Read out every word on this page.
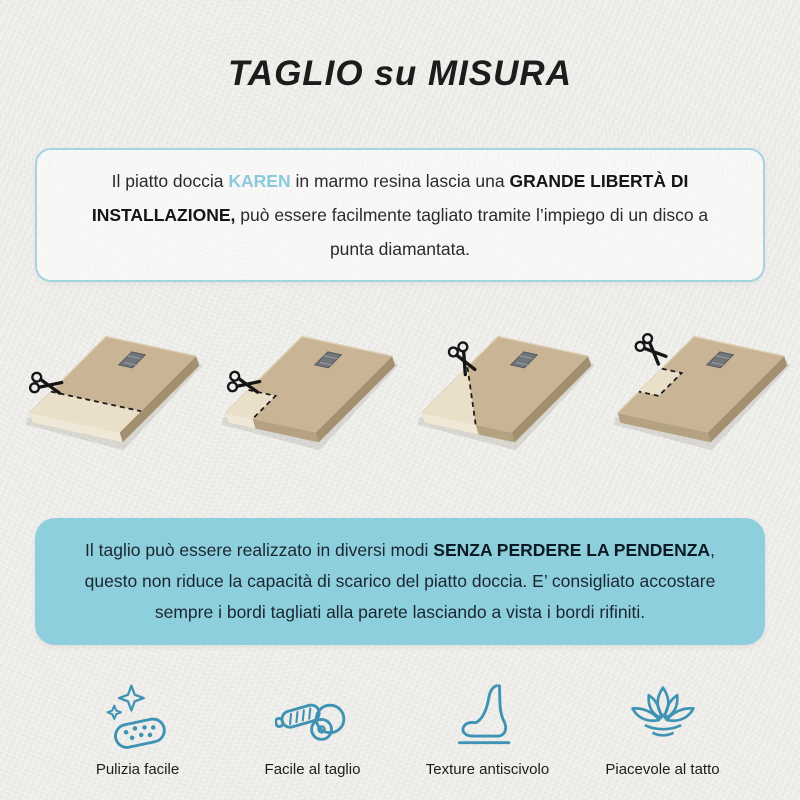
TAGLIO su MISURA

Il piatto doccia KAREN in marmo resina lascia una GRANDE LIBERTÀ DI INSTALLAZIONE, può essere facilmente tagliato tramite l’impiego di un disco a punta diamantata.

Il taglio può essere realizzato in diversi modi SENZA PERDERE LA PENDENZA, questo non riduce la capacità di scarico del piatto doccia. E’ consigliato accostare sempre i bordi tagliati alla parete lasciando a vista i bordi rifiniti.

Pulizia facile	Facile al taglio	Texture antiscivolo	Piacevole al tatto
